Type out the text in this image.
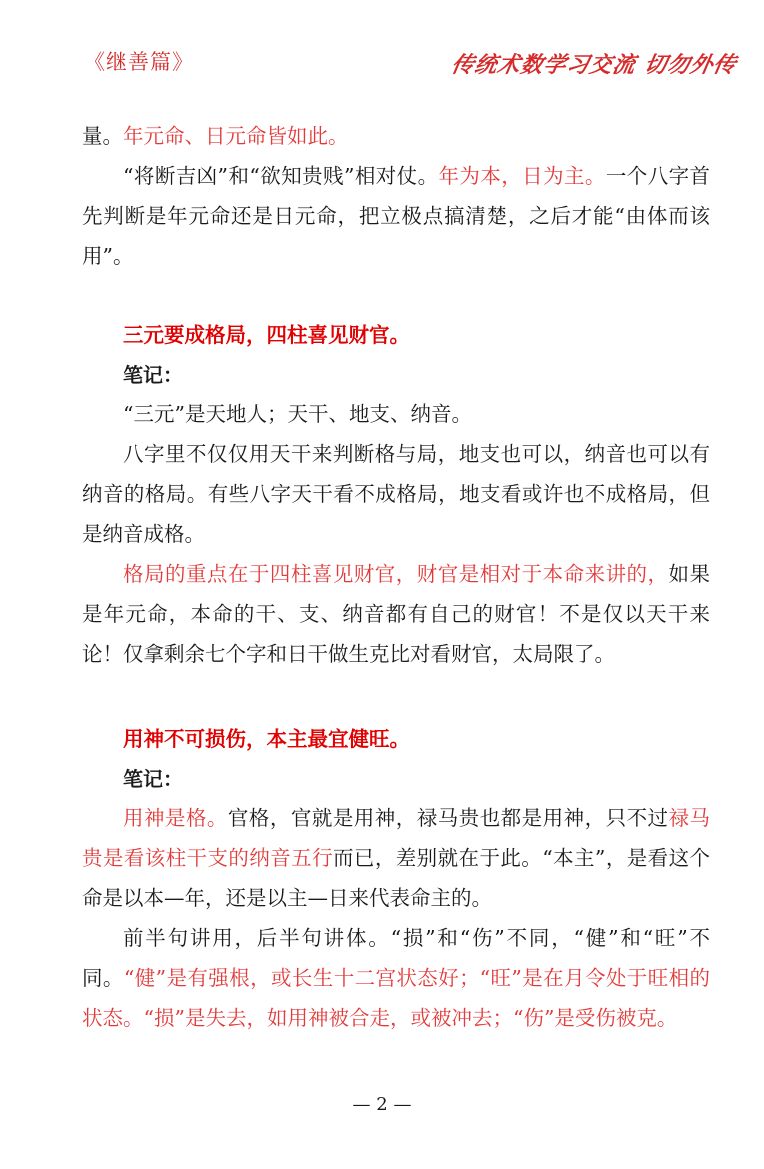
《继善篇》	传统术数学习交流 切勿外传

量。年元命、日元命皆如此。

“将断吉凶”和“欲知贵贱”相对仗。年为本，日为主。一个八字首先判断是年元命还是日元命，把立极点搞清楚，之后才能“由体而该用”。

三元要成格局，四柱喜见财官。
笔记：

“三元”是天地人；天干、地支、纳音。

八字里不仅仅用天干来判断格与局，地支也可以，纳音也可以有纳音的格局。有些八字天干看不成格局，地支看或许也不成格局，但是纳音成格。

格局的重点在于四柱喜见财官，财官是相对于本命来讲的，如果是年元命，本命的干、支、纳音都有自己的财官！不是仅以天干来论！仅拿剩余七个字和日干做生克比对看财官，太局限了。

用神不可损伤，本主最宜健旺。
笔记：

用神是格。官格，官就是用神，禄马贵也都是用神，只不过禄马贵是看该柱干支的纳音五行而已，差别就在于此。“本主”，是看这个命是以本—年，还是以主—日来代表命主的。

前半句讲用，后半句讲体。“损”和“伤”不同，“健”和“旺”不同。“健”是有强根，或长生十二宫状态好；“旺”是在月令处于旺相的状态。“损”是失去，如用神被合走，或被冲去；“伤”是受伤被克。

— 2 —
